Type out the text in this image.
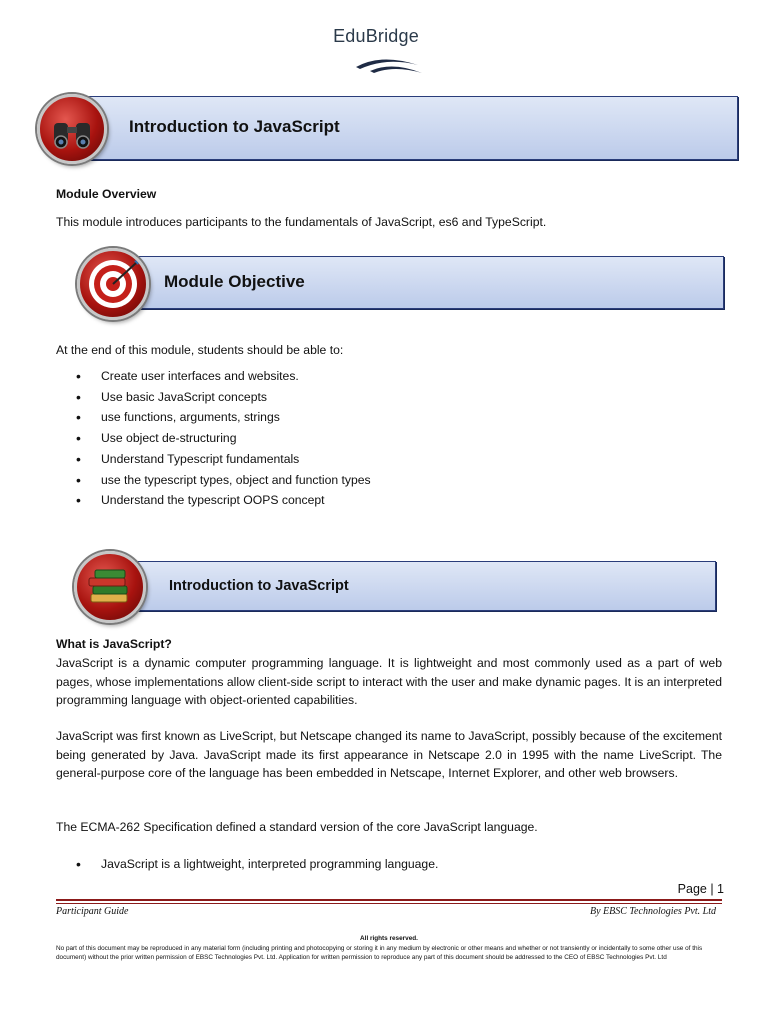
EduBridge
Introduction to JavaScript
Module Overview
This module introduces participants to the fundamentals of JavaScript, es6 and TypeScript.
Module Objective
At the end of this module, students should be able to:
• Create user interfaces and websites.
• Use basic JavaScript concepts
• use functions, arguments, strings
• Use object de-structuring
• Understand Typescript fundamentals
• use the typescript types, object and function types
• Understand the typescript OOPS concept
Introduction to JavaScript
What is JavaScript?
JavaScript is a dynamic computer programming language. It is lightweight and most commonly used as a part of web pages, whose implementations allow client-side script to interact with the user and make dynamic pages. It is an interpreted programming language with object-oriented capabilities.
JavaScript was first known as LiveScript, but Netscape changed its name to JavaScript, possibly because of the excitement being generated by Java. JavaScript made its first appearance in Netscape 2.0 in 1995 with the name LiveScript. The general-purpose core of the language has been embedded in Netscape, Internet Explorer, and other web browsers.
The ECMA-262 Specification defined a standard version of the core JavaScript language.
• JavaScript is a lightweight, interpreted programming language.
Page | 1
Participant Guide	By EBSC Technologies Pvt. Ltd
All rights reserved.
No part of this document may be reproduced in any material form (including printing and photocopying or storing it in any medium by electronic or other means and whether or not transiently or incidentally to some other use of this document) without the prior written permission of EBSC Technologies Pvt. Ltd. Application for written permission to reproduce any part of this document should be addressed to the CEO of EBSC Technologies Pvt. Ltd
